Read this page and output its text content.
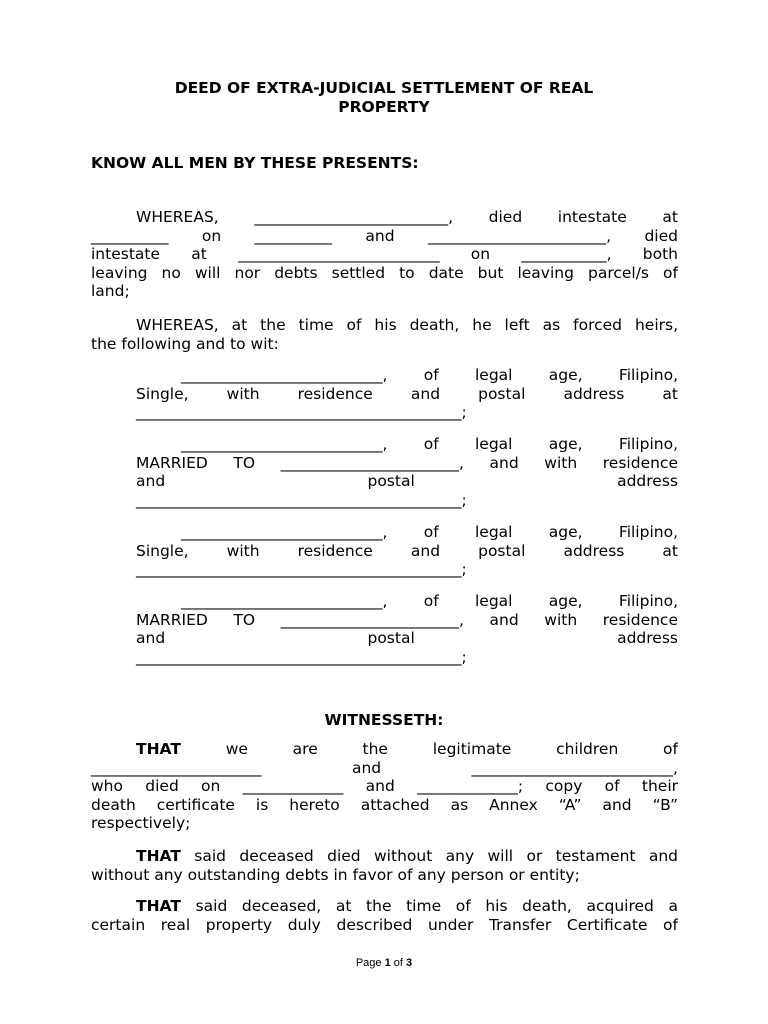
DEED OF EXTRA-JUDICIAL SETTLEMENT OF REAL
PROPERTY
KNOW ALL MEN BY THESE PRESENTS:
WHEREAS, _________________________, died intestate at
__________ on __________ and _______________________, died
intestate at __________________________ on ___________, both
leaving no will nor debts settled to date but leaving parcel/s of
land;
WHEREAS, at the time of his death, he left as forced heirs,
the following and to wit:
__________________________, of legal age, Filipino,
Single, with residence and postal address at
__________________________________________;
__________________________, of legal age, Filipino,
MARRIED TO _______________________, and with residence
and postal address
__________________________________________;
__________________________, of legal age, Filipino,
Single, with residence and postal address at
__________________________________________;
__________________________, of legal age, Filipino,
MARRIED TO _______________________, and with residence
and postal address
__________________________________________;
WITNESSETH:
THAT	we are the legitimate children of
______________________ and __________________________,
who died on _____________ and _____________; copy of their
death certificate is hereto attached as Annex “A” and “B”
respectively;
THAT said deceased died without any will or testament and
without any outstanding debts in favor of any person or entity;
THAT said deceased, at the time of his death, acquired a
certain real property duly described under Transfer Certificate of
Page 1 of 3
